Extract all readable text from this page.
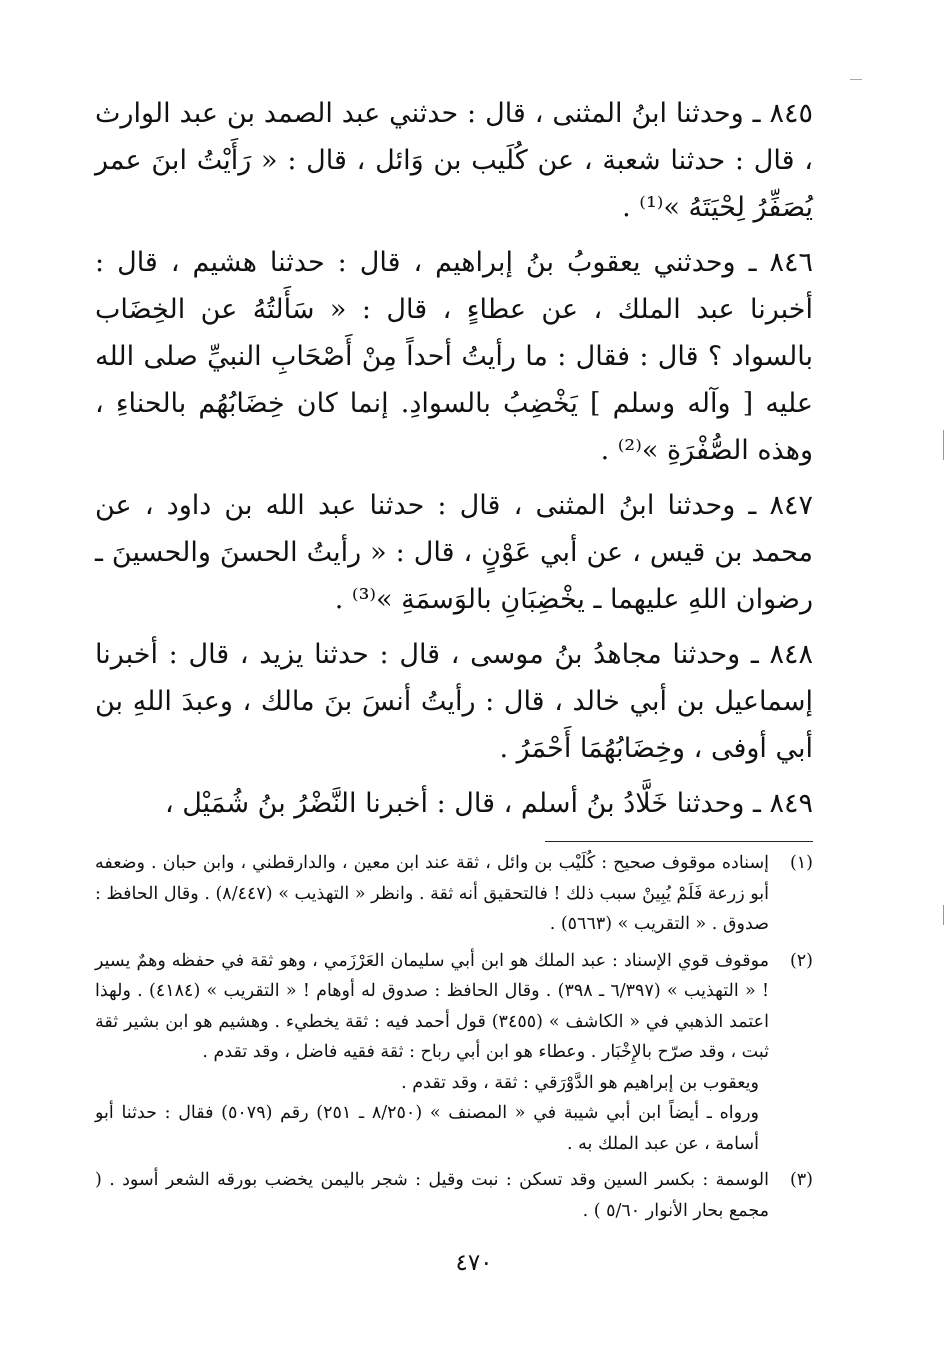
٨٤٥ ـ وحدثنا ابنُ المثنى ، قال : حدثني عبد الصمد بن عبد الوارث ، قال : حدثنا شعبة ، عن كُلَيب بن وَائل ، قال : « رَأَيْتُ ابنَ عمر يُصَفِّرُ لِحْيَتَهُ »⁽¹⁾ .

٨٤٦ ـ وحدثني يعقوبُ بنُ إبراهيم ، قال : حدثنا هشيم ، قال : أخبرنا عبد الملك ، عن عطاءٍ ، قال : « سَأَلتُهُ عن الخِضَاب بالسواد ؟ قال : فقال : ما رأيتُ أحداً مِنْ أَصْحَابِ النبيِّ صلى الله عليه [ وآله وسلم ] يَخْضِبُ بالسوادِ. إنما كان خِضَابُهُم بالحناءِ ، وهذه الصُّفْرَةِ »⁽²⁾ .

٨٤٧ ـ وحدثنا ابنُ المثنى ، قال : حدثنا عبد الله بن داود ، عن محمد بن قيس ، عن أبي عَوْنٍ ، قال : « رأيتُ الحسنَ والحسينَ ـ رضوان اللهِ عليهما ـ يخْضِبَانِ بالوَسمَةِ »⁽³⁾ .

٨٤٨ ـ وحدثنا مجاهدُ بنُ موسى ، قال : حدثنا يزيد ، قال : أخبرنا إسماعيل بن أبي خالد ، قال : رأيتُ أنسَ بنَ مالك ، وعبدَ اللهِ بن أبي أوفى ، وخِضَابُهُمَا أَحْمَرُ .

٨٤٩ ـ وحدثنا خَلَّادُ بنُ أسلم ، قال : أخبرنا النَّضْرُ بنُ شُمَيْل ،

(١)
إسناده موقوف صحيح : كُلَيْب بن وائل ، ثقة عند ابن معين ، والدارقطني ، وابن حبان . وضعفه أبو زرعة فَلَمْ يُبِينْ سبب ذلك ! فالتحقيق أنه ثقة . وانظر « التهذيب » (٨/٤٤٧) . وقال الحافظ : صدوق . « التقريب » (٥٦٦٣) .
(٢)
موقوف قوي الإسناد : عبد الملك هو ابن أبي سليمان العَرْزَمي ، وهو ثقة في حفظه وهمٌ يسير ! « التهذيب » (٦/٣٩٧ ـ ٣٩٨) . وقال الحافظ : صدوق له أوهام ! « التقريب » (٤١٨٤) . ولهذا اعتمد الذهبي في « الكاشف » (٣٤٥٥) قول أحمد فيه : ثقة يخطيء . وهشيم هو ابن بشير ثقة ثبت ، وقد صرّح بالإِخْبَار . وعطاء هو ابن أبي رباح : ثقة فقيه فاضل ، وقد تقدم .
ويعقوب بن إبراهيم هو الدَّوْرَقي : ثقة ، وقد تقدم .
ورواه ـ أيضاً ابن أبي شيبة في « المصنف » (٨/٢٥٠ ـ ٢٥١) رقم (٥٠٧٩) فقال : حدثنا أبو أسامة ، عن عبد الملك به .
(٣)
الوسمة : بكسر السين وقد تسكن : نبت وقيل : شجر باليمن يخضب بورقه الشعر أسود . ( مجمع بحار الأنوار ٥/٦٠ ) .
٤٧٠
